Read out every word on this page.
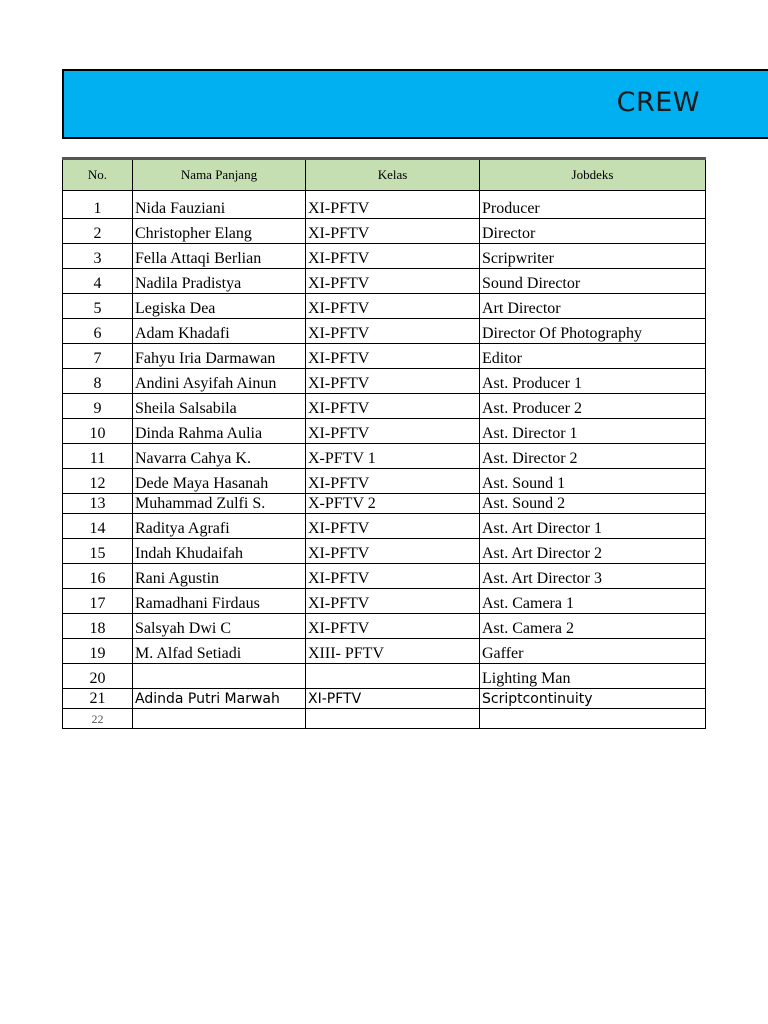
CREW
No.	Nama Panjang	Kelas	Jobdeks
1	Nida Fauziani	XI-PFTV	Producer
2	Christopher Elang	XI-PFTV	Director
3	Fella Attaqi Berlian	XI-PFTV	Scripwriter
4	Nadila Pradistya	XI-PFTV	Sound Director
5	Legiska Dea	XI-PFTV	Art Director
6	Adam Khadafi	XI-PFTV	Director Of Photography
7	Fahyu Iria Darmawan	XI-PFTV	Editor
8	Andini Asyifah Ainun	XI-PFTV	Ast. Producer 1
9	Sheila Salsabila	XI-PFTV	Ast. Producer 2
10	Dinda Rahma Aulia	XI-PFTV	Ast. Director 1
11	Navarra Cahya K.	X-PFTV 1	Ast. Director 2
12	Dede Maya Hasanah	XI-PFTV	Ast. Sound 1
13	Muhammad Zulfi S.	X-PFTV 2	Ast. Sound 2
14	Raditya Agrafi	XI-PFTV	Ast. Art Director 1
15	Indah Khudaifah	XI-PFTV	Ast. Art Director 2
16	Rani Agustin	XI-PFTV	Ast. Art Director 3
17	Ramadhani Firdaus	XI-PFTV	Ast. Camera 1
18	Salsyah Dwi C	XI-PFTV	Ast. Camera 2
19	M. Alfad Setiadi	XIII- PFTV	Gaffer
20			Lighting Man
21	Adinda Putri Marwah	XI-PFTV	Scriptcontinuity
22			
